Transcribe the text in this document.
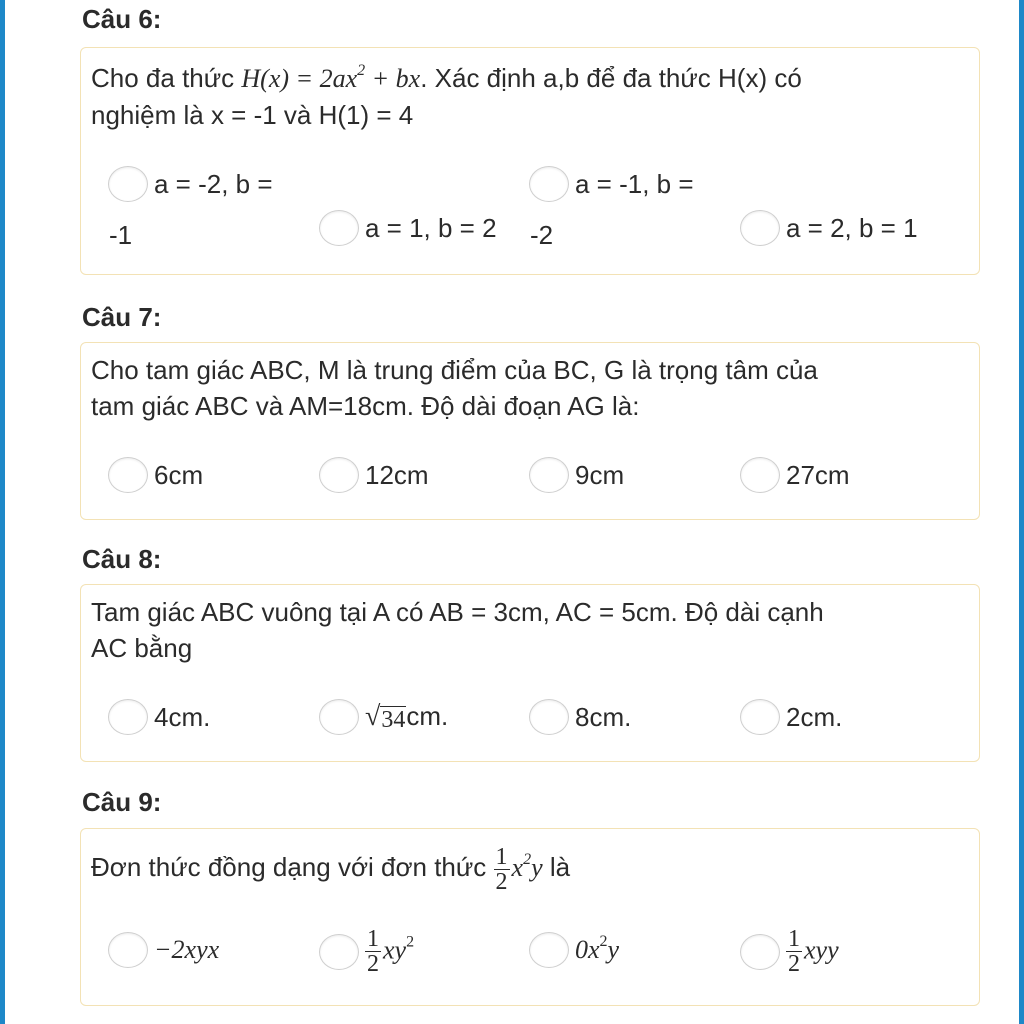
Câu 6:
Cho đa thức $H(x) = 2ax^2$ + bx. Xác định a,b để đa thức H(x) có
nghiệm là x = -1 và H(1) = 4
a = -2, b =	a = -1, b =
-1	a = 1, b = 2 -2	a = 2, b = 1
Câu 7:
Cho tam giác ABC, M là trung điểm của BC, G là trọng tâm của
tam giác ABC và AM=18cm. Độ dài đoạn AG là:
6cm	12cm	9cm	27cm
Câu 8:
Tam giác ABC vuông tại A có AB = 3cm, AC = 5cm. Độ dài cạnh
AC bằng
4cm.	√ 34 cm.	8cm.	2cm.
Câu 9:
Đơn thức đồng dạng với đơn thức $\frac{1}{2} x^2y$ là
−2xyx	$\frac{1}{2} xy^2$	$0x^2y$	$\frac{1}{2}$ xyy
